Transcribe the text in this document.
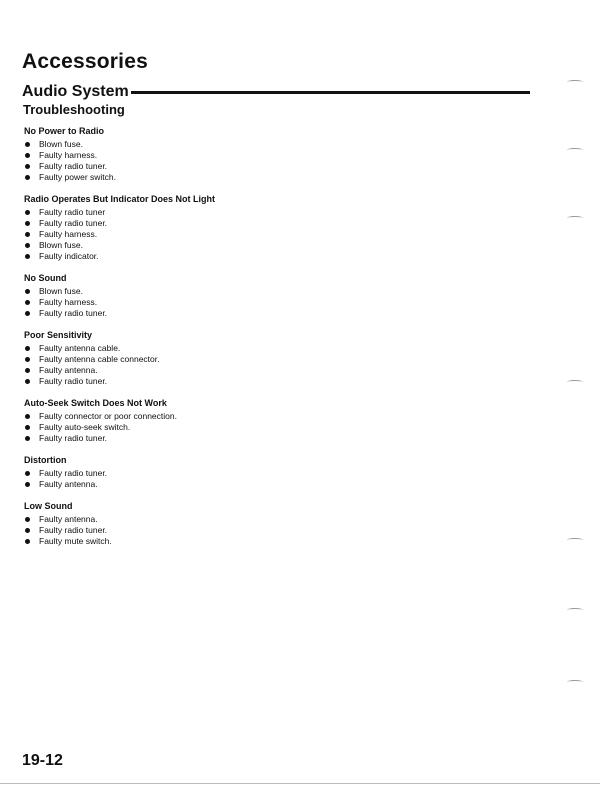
Accessories
Audio System
Troubleshooting
No Power to Radio
Blown fuse.
Faulty harness.
Faulty radio tuner.
Faulty power switch.
Radio Operates But Indicator Does Not Light
Faulty radio tuner
Faulty radio tuner.
Faulty harness.
Blown fuse.
Faulty indicator.
No Sound
Blown fuse.
Faulty harness.
Faulty radio tuner.
Poor Sensitivity
Faulty antenna cable.
Faulty antenna cable connector.
Faulty antenna.
Faulty radio tuner.
Auto-Seek Switch Does Not Work
Faulty connector or poor connection.
Faulty auto-seek switch.
Faulty radio tuner.
Distortion
Faulty radio tuner.
Faulty antenna.
Low Sound
Faulty antenna.
Faulty radio tuner.
Faulty mute switch.
19-12
